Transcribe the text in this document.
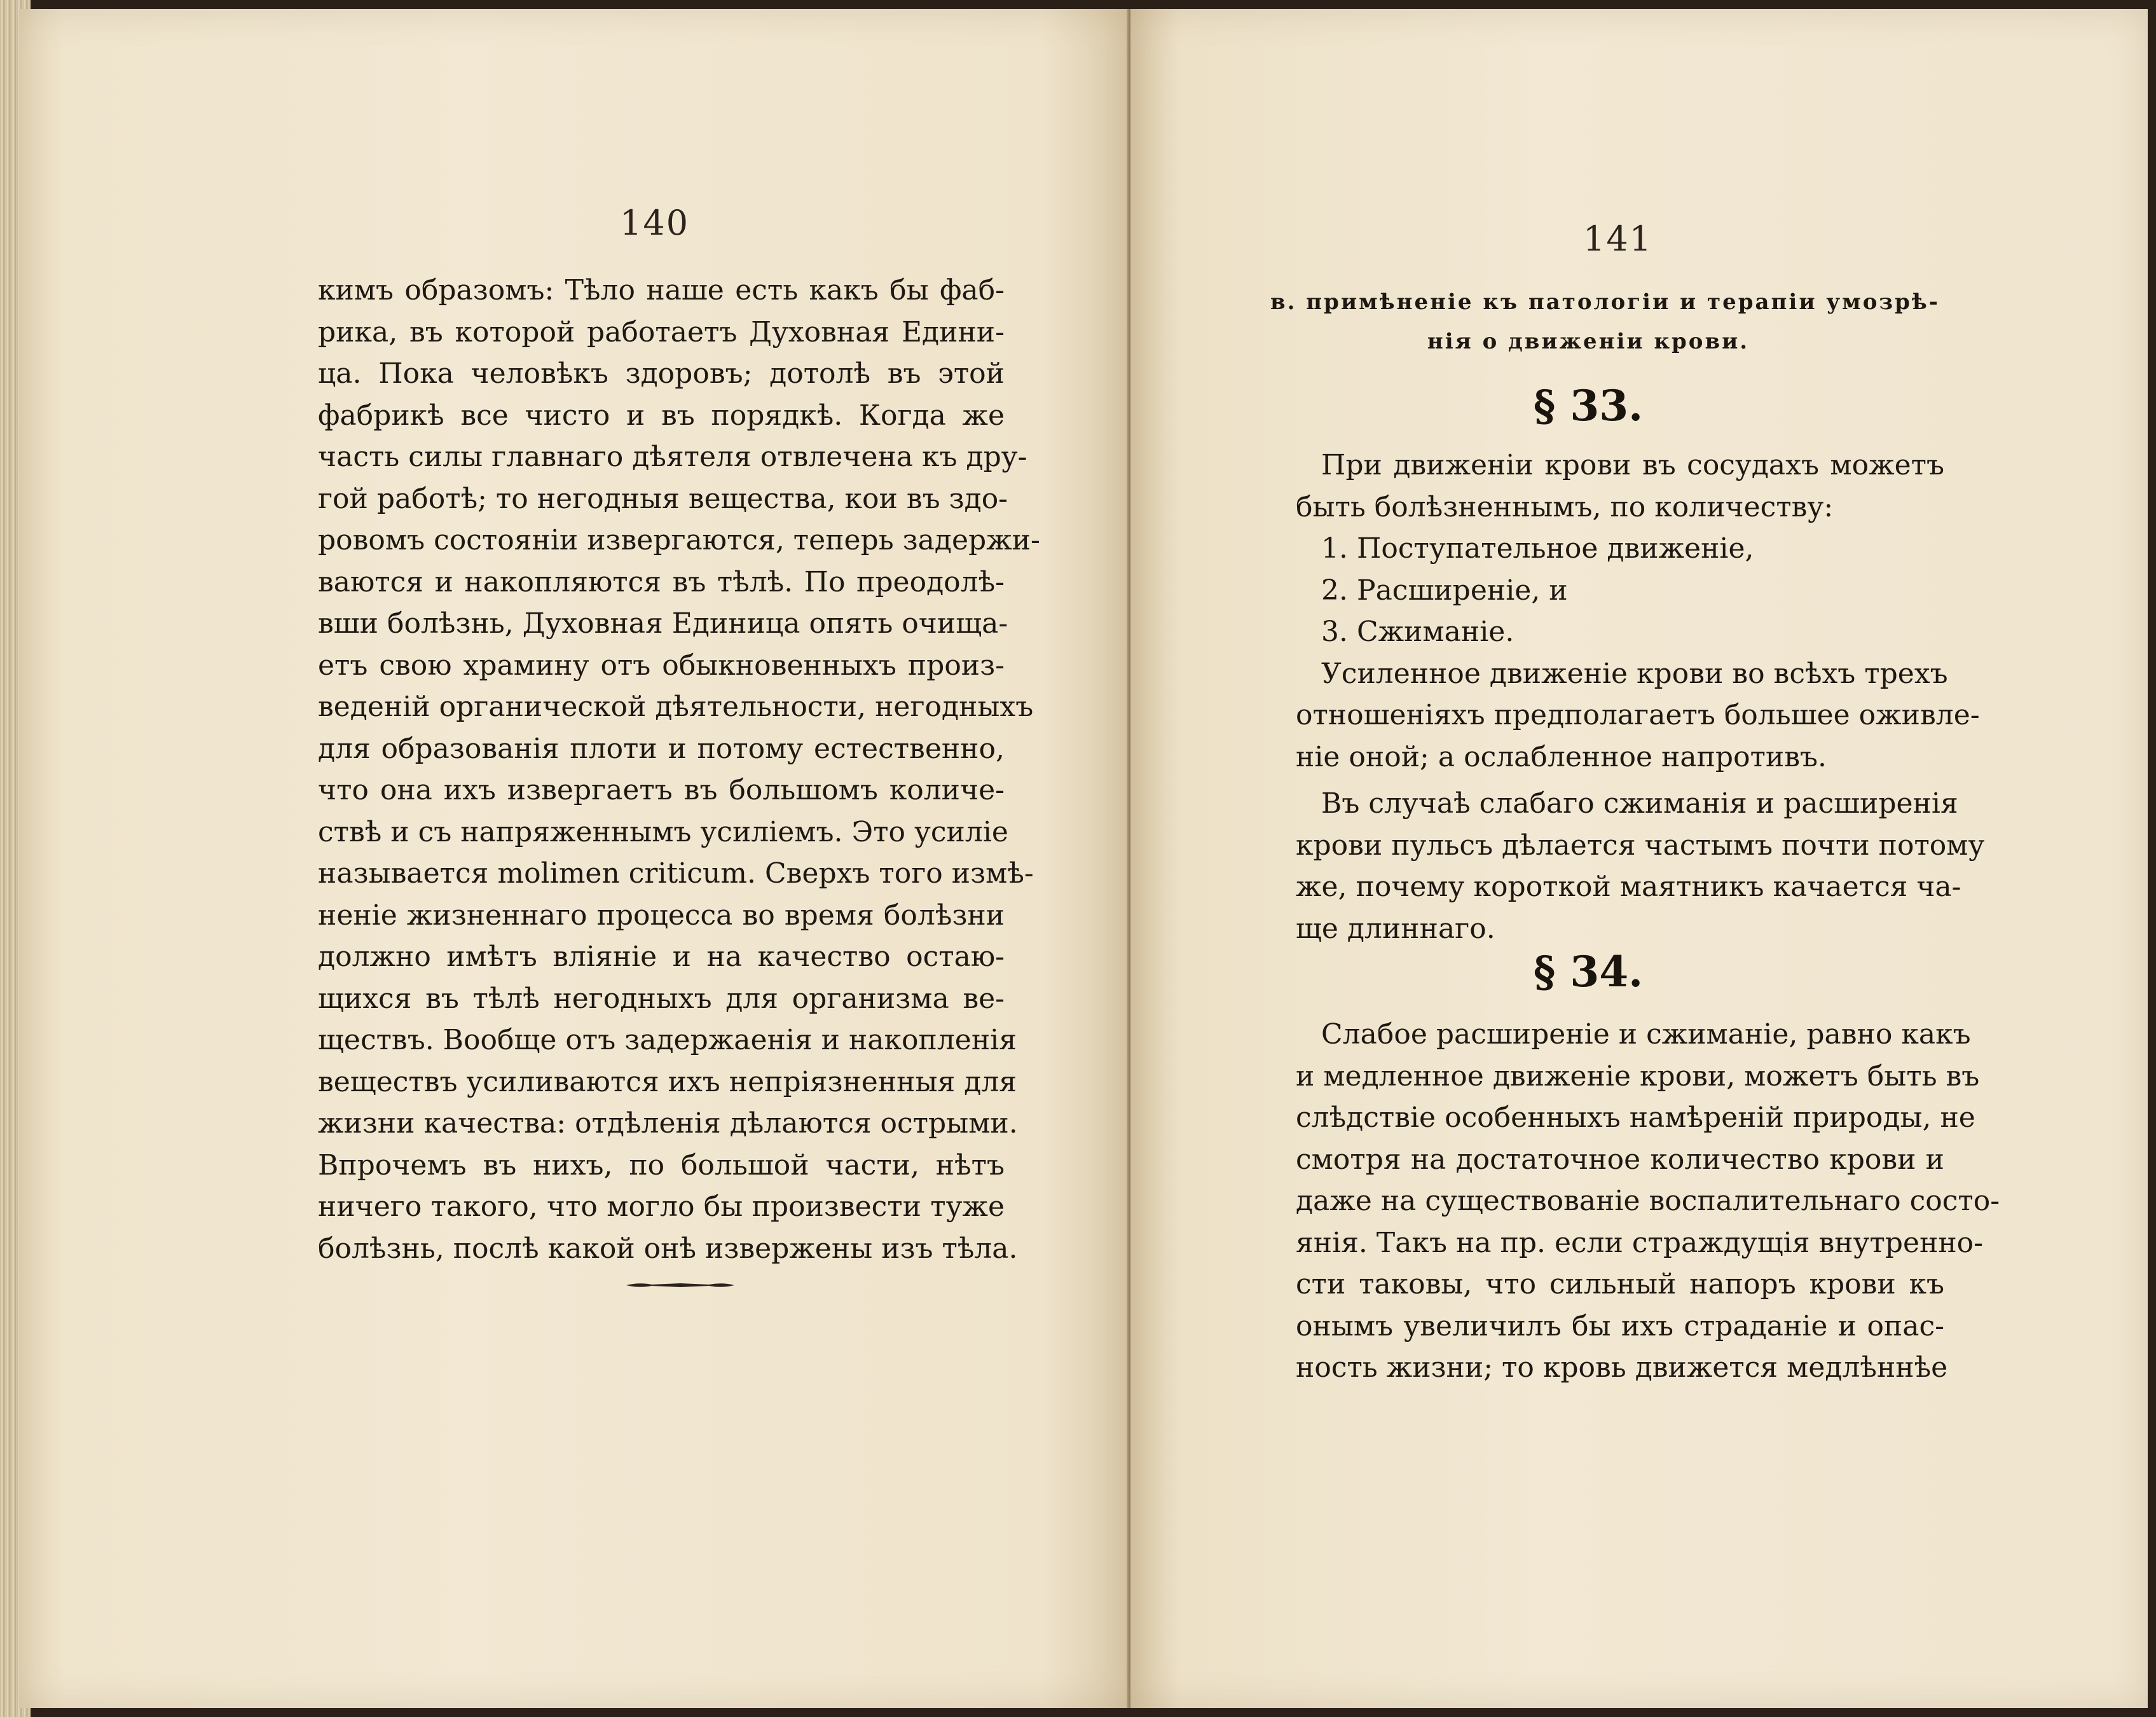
140
кимъ образомъ: Тѣло наше есть какъ бы фаб-
рика, въ которой работаетъ Духовная Едини-
ца. Пока человѣкъ здоровъ; дотолѣ въ этой
фабрикѣ все чисто и въ порядкѣ. Когда же
часть силы главнаго дѣятеля отвлечена къ дру-
гой работѣ; то негодныя вещества, кои въ здо-
ровомъ состояніи извергаются, теперь задержи-
ваются и накопляются въ тѣлѣ. По преодолѣ-
вши болѣзнь, Духовная Единица опять очища-
етъ свою храмину отъ обыкновенныхъ произ-
веденій органической дѣятельности, негодныхъ
для образованія плоти и потому естественно,
что она ихъ извергаетъ въ большомъ количе-
ствѣ и съ напряженнымъ усиліемъ. Это усиліе
называется molimen criticum. Сверхъ того измѣ-
неніе жизненнаго процесса во время болѣзни
должно имѣтъ вліяніе и на качество остаю-
щихся въ тѣлѣ негодныхъ для организма ве-
ществъ. Вообще отъ задержаенія и накопленія
веществъ усиливаются ихъ непріязненныя для
жизни качества: отдѣленія дѣлаются острыми.
Впрочемъ въ нихъ, по большой части, нѣтъ
ничего такого, что могло бы произвести туже
болѣзнь, послѣ какой онѣ извержены изъ тѣла.
141
в. примѣненіе къ патологіи и терапіи умозрѣ-
нія о движеніи крови.
§ 33.
При движеніи крови въ сосудахъ можетъ
быть болѣзненнымъ, по количеству:
1. Поступательное движеніе,
2. Расширеніе, и
3. Сжиманіе.
Усиленное движеніе крови во всѣхъ трехъ
отношеніяхъ предполагаетъ большее оживле-
ніе оной; а ослабленное напротивъ.
Въ случаѣ слабаго сжиманія и расширенія
крови пульсъ дѣлается частымъ почти потому
же, почему короткой маятникъ качается ча-
ще длиннаго.
§ 34.
Слабое расширеніе и сжиманіе, равно какъ
и медленное движеніе крови, можетъ быть въ
слѣдствіе особенныхъ намѣреній природы, не
смотря на достаточное количество крови и
даже на существованіе воспалительнаго состо-
янія. Такъ на пр. если страждущія внутренно-
сти таковы, что сильный напоръ крови къ
онымъ увеличилъ бы ихъ страданіе и опас-
ность жизни; то кровь движется медлѣннѣе
